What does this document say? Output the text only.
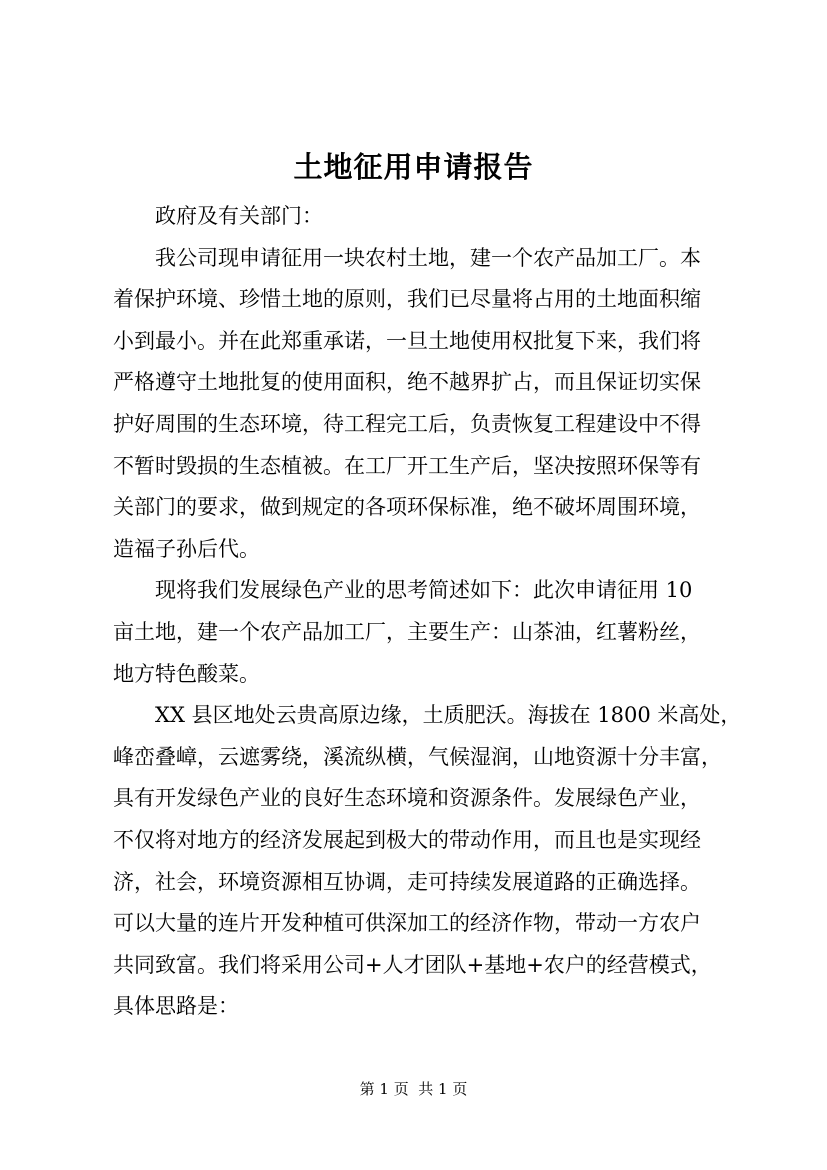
土地征用申请报告

政府及有关部门：

我公司现申请征用一块农村土地，建一个农产品加工厂。本
着保护环境、珍惜土地的原则，我们已尽量将占用的土地面积缩
小到最小。并在此郑重承诺，一旦土地使用权批复下来，我们将
严格遵守土地批复的使用面积，绝不越界扩占，而且保证切实保
护好周围的生态环境，待工程完工后，负责恢复工程建设中不得
不暂时毁损的生态植被。在工厂开工生产后，坚决按照环保等有
关部门的要求，做到规定的各项环保标准，绝不破坏周围环境，
造福子孙后代。

现将我们发展绿色产业的思考简述如下：此次申请征用 10
亩土地，建一个农产品加工厂，主要生产：山茶油，红薯粉丝，
地方特色酸菜。

XX 县区地处云贵高原边缘，土质肥沃。海拔在 1800 米高处，
峰峦叠嶂，云遮雾绕，溪流纵横，气候湿润，山地资源十分丰富，
具有开发绿色产业的良好生态环境和资源条件。发展绿色产业，
不仅将对地方的经济发展起到极大的带动作用，而且也是实现经
济，社会，环境资源相互协调，走可持续发展道路的正确选择。
可以大量的连片开发种植可供深加工的经济作物，带动一方农户
共同致富。我们将采用公司+人才团队+基地+农户的经营模式，
具体思路是：

第 1 页  共 1 页
